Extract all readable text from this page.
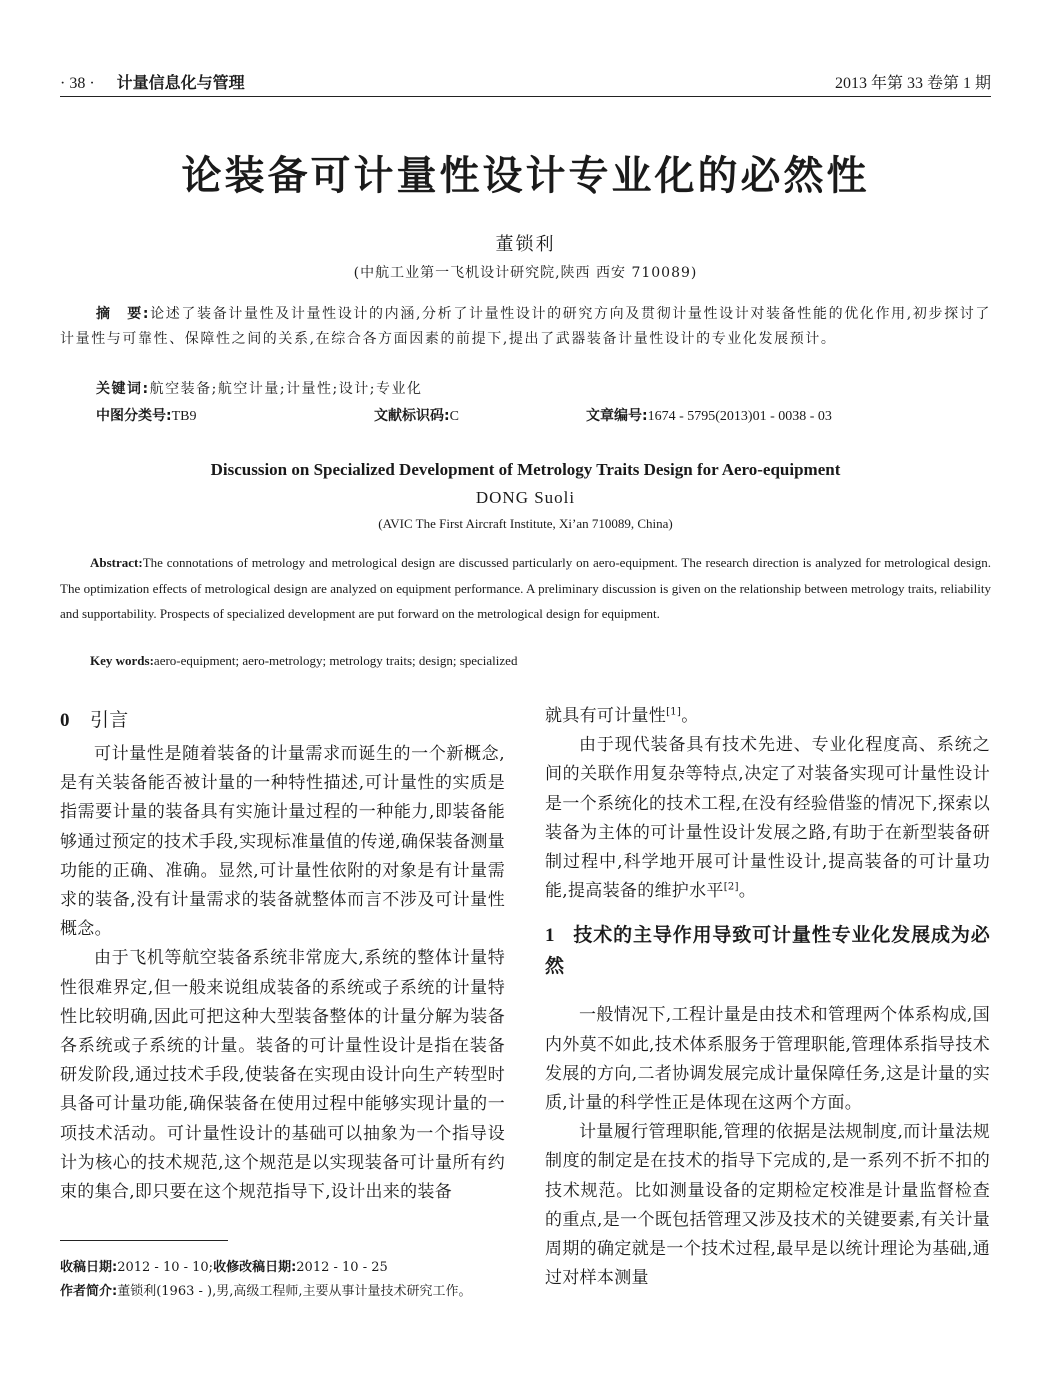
· 38 · 计量信息化与管理	2013 年第 33 卷第 1 期
论装备可计量性设计专业化的必然性
董锁利
(中航工业第一飞机设计研究院,陕西 西安 710089)
摘　要:论述了装备计量性及计量性设计的内涵,分析了计量性设计的研究方向及贯彻计量性设计对装备性能的优化作用,初步探讨了计量性与可靠性、保障性之间的关系,在综合各方面因素的前提下,提出了武器装备计量性设计的专业化发展预计。
关键词:航空装备;航空计量;计量性;设计;专业化
中图分类号:TB9	文献标识码:C	文章编号:1674 - 5795(2013)01 - 0038 - 03
Discussion on Specialized Development of Metrology Traits Design for Aero-equipment
DONG Suoli
(AVIC The First Aircraft Institute, Xi’an 710089, China)
Abstract:The connotations of metrology and metrological design are discussed particularly on aero-equipment. The research direction is analyzed for metrological design. The optimization effects of metrological design are analyzed on equipment performance. A preliminary discussion is given on the relationship between metrology traits, reliability and supportability. Prospects of specialized development are put forward on the metrological design for equipment.
Key words:aero-equipment; aero-metrology; metrology traits; design; specialized
0 引言

可计量性是随着装备的计量需求而诞生的一个新概念,是有关装备能否被计量的一种特性描述,可计量性的实质是指需要计量的装备具有实施计量过程的一种能力,即装备能够通过预定的技术手段,实现标准量值的传递,确保装备测量功能的正确、准确。显然,可计量性依附的对象是有计量需求的装备,没有计量需求的装备就整体而言不涉及可计量性概念。

由于飞机等航空装备系统非常庞大,系统的整体计量特性很难界定,但一般来说组成装备的系统或子系统的计量特性比较明确,因此可把这种大型装备整体的计量分解为装备各系统或子系统的计量。装备的可计量性设计是指在装备研发阶段,通过技术手段,使装备在实现由设计向生产转型时具备可计量功能,确保装备在使用过程中能够实现计量的一项技术活动。可计量性设计的基础可以抽象为一个指导设计为核心的技术规范,这个规范是以实现装备可计量所有约束的集合,即只要在这个规范指导下,设计出来的装备

就具有可计量性[1]。

由于现代装备具有技术先进、专业化程度高、系统之间的关联作用复杂等特点,决定了对装备实现可计量性设计是一个系统化的技术工程,在没有经验借鉴的情况下,探索以装备为主体的可计量性设计发展之路,有助于在新型装备研制过程中,科学地开展可计量性设计,提高装备的可计量功能,提高装备的维护水平[2]。

1 技术的主导作用导致可计量性专业化发展成为必然

一般情况下,工程计量是由技术和管理两个体系构成,国内外莫不如此,技术体系服务于管理职能,管理体系指导技术发展的方向,二者协调发展完成计量保障任务,这是计量的实质,计量的科学性正是体现在这两个方面。

计量履行管理职能,管理的依据是法规制度,而计量法规制度的制定是在技术的指导下完成的,是一系列不折不扣的技术规范。比如测量设备的定期检定校准是计量监督检查的重点,是一个既包括管理又涉及技术的关键要素,有关计量周期的确定就是一个技术过程,最早是以统计理论为基础,通过对样本测量

收稿日期:2012 - 10 - 10;收修改稿日期:2012 - 10 - 25
作者简介:董锁利(1963 - ),男,高级工程师,主要从事计量技术研究工作。
